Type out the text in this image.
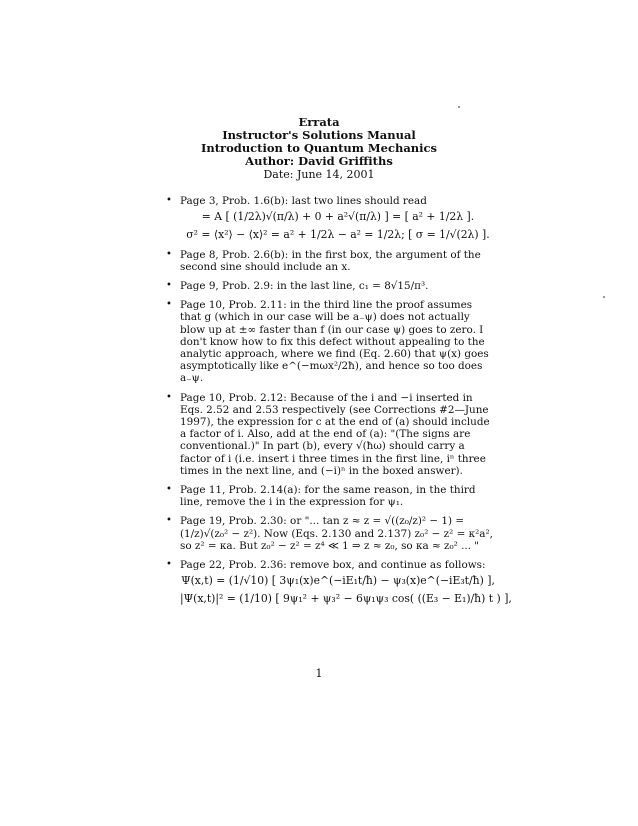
Errata
Instructor's Solutions Manual
Introduction to Quantum Mechanics
Author: David Griffiths
Date: June 14, 2001
• Page 3, Prob. 1.6(b): last two lines should read
= A [ (1/2λ)√(π/λ) + 0 + a²√(π/λ) ] = [ a² + 1/2λ ].
σ² = ⟨x²⟩ − ⟨x⟩² = a² + 1/2λ − a² = 1/2λ; [ σ = 1/√(2λ) ].
• Page 8, Prob. 2.6(b): in the first box, the argument of the second sine should include an x.
• Page 9, Prob. 2.9: in the last line, c₁ = 8√15/π³.
• Page 10, Prob. 2.11: in the third line the proof assumes that g (which in our case will be a₋ψ) does not actually blow up at ±∞ faster than f (in our case ψ) goes to zero. I don't know how to fix this defect without appealing to the analytic approach, where we find (Eq. 2.60) that ψ(x) goes asymptotically like e^(−mωx²/2ħ), and hence so too does a₋ψ.
• Page 10, Prob. 2.12: Because of the i and −i inserted in Eqs. 2.52 and 2.53 respectively (see Corrections #2—June 1997), the expression for c at the end of (a) should include a factor of i. Also, add at the end of (a): "(The signs are conventional.)" In part (b), every √(ħω) should carry a factor of i (i.e. insert i three times in the first line, iⁿ three times in the next line, and (−i)ⁿ in the boxed answer).
• Page 11, Prob. 2.14(a): for the same reason, in the third line, remove the i in the expression for ψ₁.
• Page 19, Prob. 2.30: or "... tan z ≈ z = √((z₀/z)² − 1) = (1/z)√(z₀² − z²). Now (Eqs. 2.130 and 2.137) z₀² − z² = κ²a², so z² = κa. But z₀² − z² = z⁴ ≪ 1 ⇒ z ≈ z₀, so κa ≈ z₀² ... "
• Page 22, Prob. 2.36: remove box, and continue as follows:
Ψ(x,t) = (1/√10) [ 3ψ₁(x)e^(−iE₁t/ħ) − ψ₃(x)e^(−iE₃t/ħ) ],
|Ψ(x,t)|² = (1/10) [ 9ψ₁² + ψ₃² − 6ψ₁ψ₃ cos( ((E₃ − E₁)/ħ) t ) ],
1
